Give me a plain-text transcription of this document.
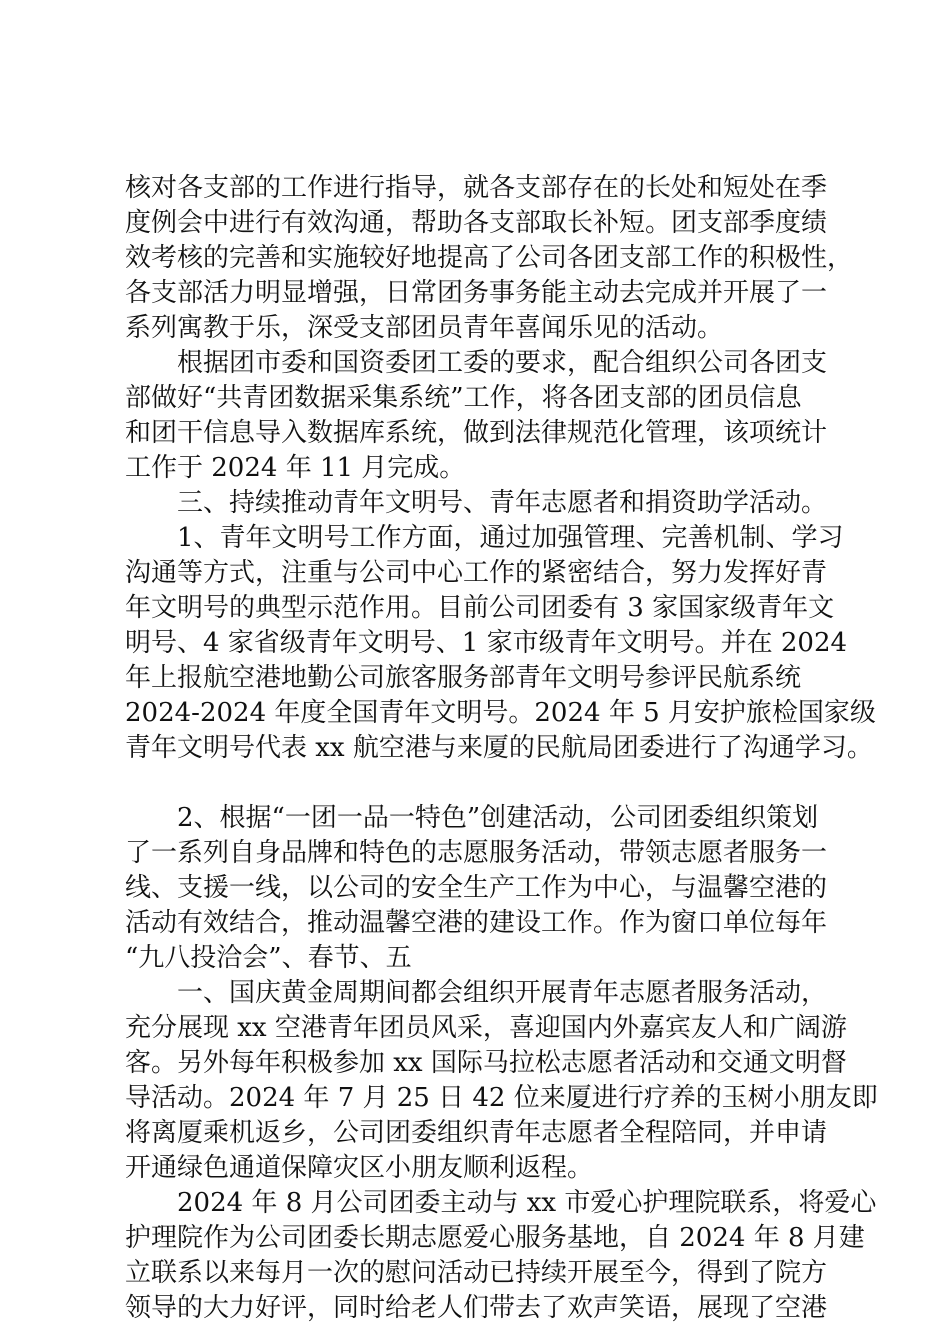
核对各支部的工作进行指导，就各支部存在的长处和短处在季
度例会中进行有效沟通，帮助各支部取长补短。团支部季度绩
效考核的完善和实施较好地提高了公司各团支部工作的积极性，
各支部活力明显增强，日常团务事务能主动去完成并开展了一
系列寓教于乐，深受支部团员青年喜闻乐见的活动。
　　根据团市委和国资委团工委的要求，配合组织公司各团支
部做好“共青团数据采集系统”工作，将各团支部的团员信息
和团干信息导入数据库系统，做到法律规范化管理，该项统计
工作于 2024 年 11 月完成。
　　三、持续推动青年文明号、青年志愿者和捐资助学活动。
　　1、青年文明号工作方面，通过加强管理、完善机制、学习
沟通等方式，注重与公司中心工作的紧密结合，努力发挥好青
年文明号的典型示范作用。目前公司团委有 3 家国家级青年文
明号、4 家省级青年文明号、1 家市级青年文明号。并在 2024
年上报航空港地勤公司旅客服务部青年文明号参评民航系统
2024-2024 年度全国青年文明号。2024 年 5 月安护旅检国家级
青年文明号代表 xx 航空港与来厦的民航局团委进行了沟通学习。
　　2、根据“一团一品一特色”创建活动，公司团委组织策划
了一系列自身品牌和特色的志愿服务活动，带领志愿者服务一
线、支援一线，以公司的安全生产工作为中心，与温馨空港的
活动有效结合，推动温馨空港的建设工作。作为窗口单位每年
“九八投洽会”、春节、五
　　一、国庆黄金周期间都会组织开展青年志愿者服务活动，
充分展现 xx 空港青年团员风采，喜迎国内外嘉宾友人和广阔游
客。另外每年积极参加 xx 国际马拉松志愿者活动和交通文明督
导活动。2024 年 7 月 25 日 42 位来厦进行疗养的玉树小朋友即
将离厦乘机返乡，公司团委组织青年志愿者全程陪同，并申请
开通绿色通道保障灾区小朋友顺利返程。
　　2024 年 8 月公司团委主动与 xx 市爱心护理院联系，将爱心
护理院作为公司团委长期志愿爱心服务基地，自 2024 年 8 月建
立联系以来每月一次的慰问活动已持续开展至今，得到了院方
领导的大力好评，同时给老人们带去了欢声笑语，展现了空港
